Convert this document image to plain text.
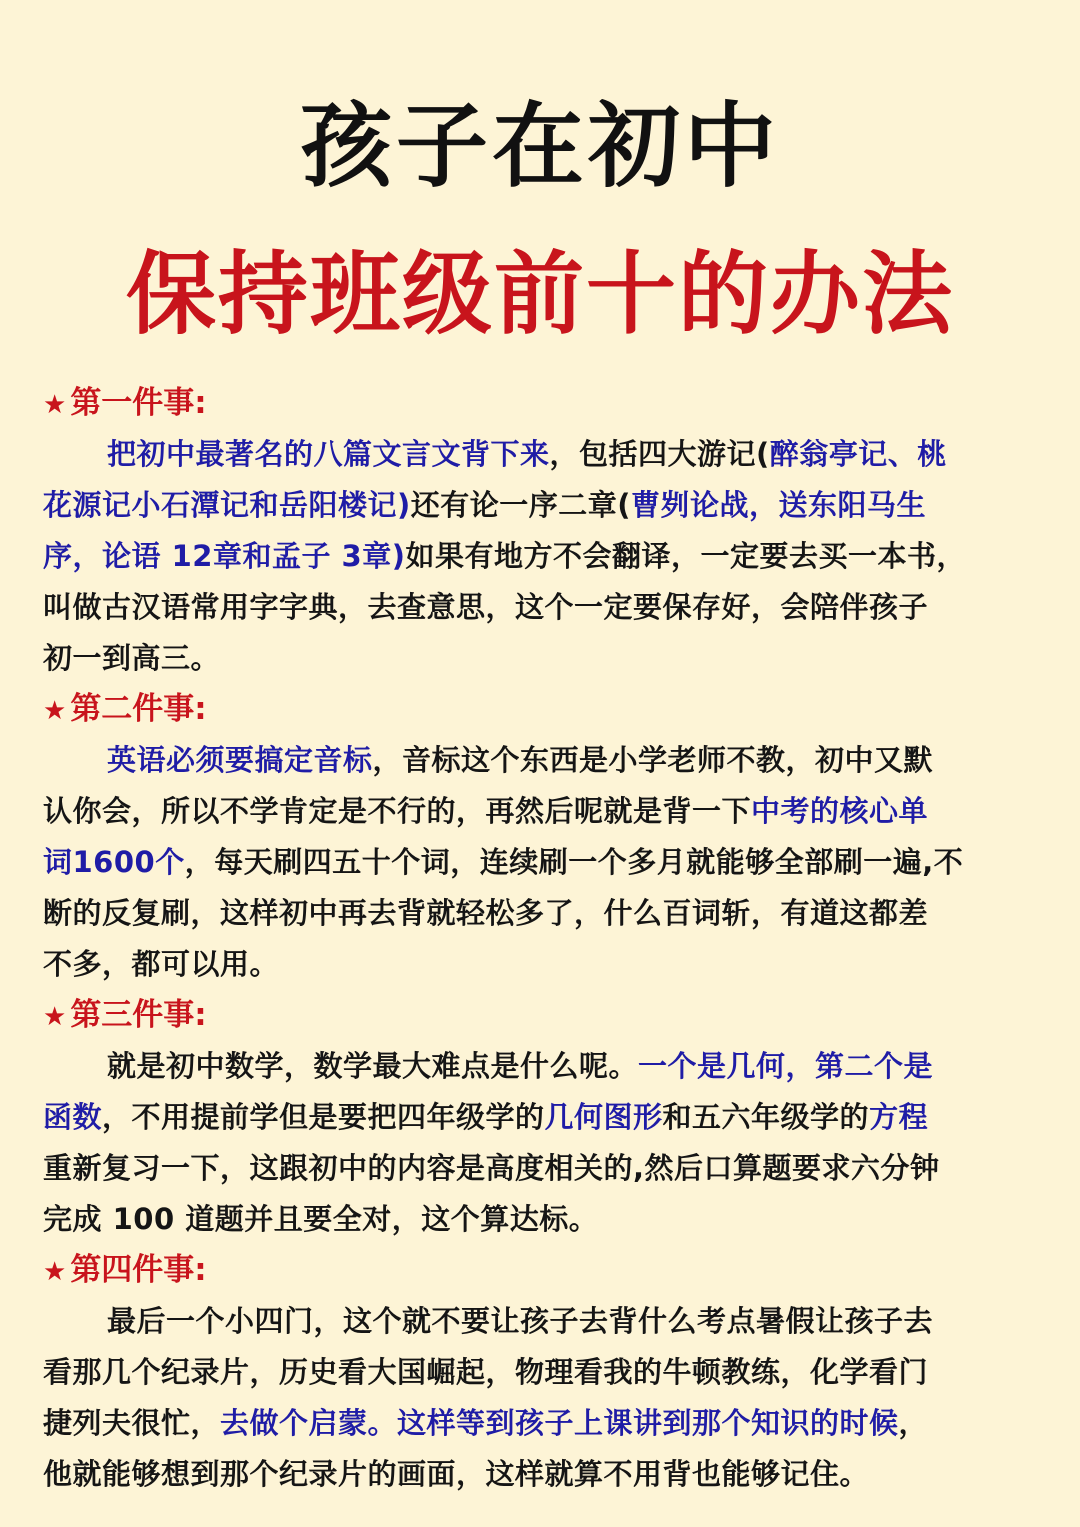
孩子在初中
保持班级前十的办法
★ 第一件事:
把初中最著名的八篇文言文背下来，包括四大游记(醉翁亭记、桃
花源记小石潭记和岳阳楼记)还有论一序二章(曹刿论战，送东阳马生
序，论语 12章和孟子 3章)如果有地方不会翻译，一定要去买一本书，
叫做古汉语常用字字典，去查意思，这个一定要保存好，会陪伴孩子
初一到高三。
★ 第二件事:
英语必须要搞定音标，音标这个东西是小学老师不教，初中又默
认你会，所以不学肯定是不行的，再然后呢就是背一下中考的核心单
词1600个，每天刷四五十个词，连续刷一个多月就能够全部刷一遍,不
断的反复刷，这样初中再去背就轻松多了，什么百词斩，有道这都差
不多，都可以用。
★ 第三件事:
就是初中数学，数学最大难点是什么呢。一个是几何，第二个是
函数，不用提前学但是要把四年级学的几何图形和五六年级学的方程
重新复习一下，这跟初中的内容是高度相关的,然后口算题要求六分钟
完成 100 道题并且要全对，这个算达标。
★ 第四件事:
最后一个小四门，这个就不要让孩子去背什么考点暑假让孩子去
看那几个纪录片，历史看大国崛起，物理看我的牛顿教练，化学看门
捷列夫很忙，去做个启蒙。这样等到孩子上课讲到那个知识的时候，
他就能够想到那个纪录片的画面，这样就算不用背也能够记住。
